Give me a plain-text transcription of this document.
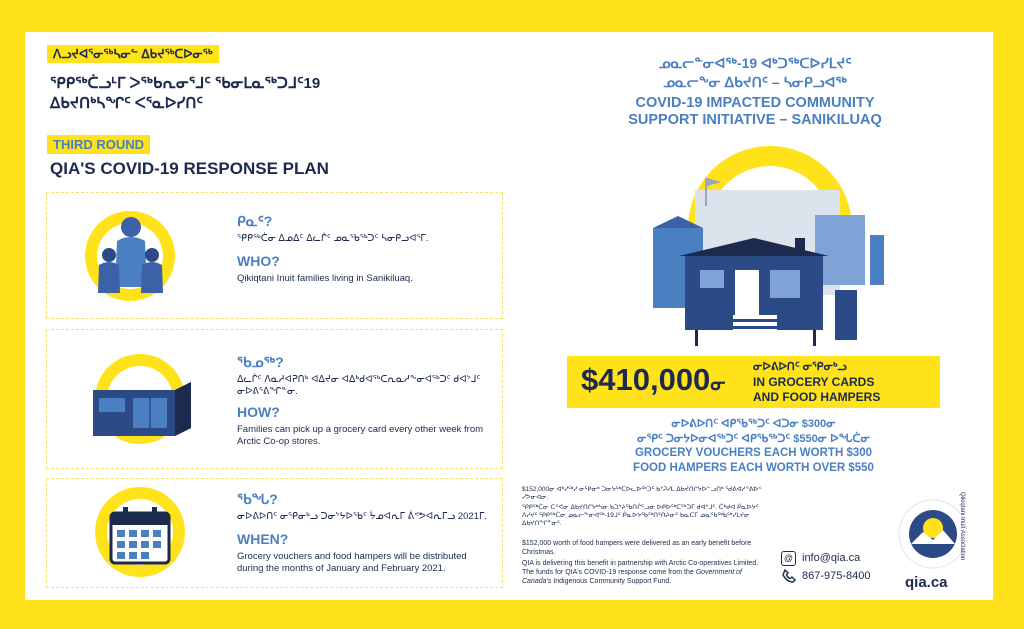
ᐱᓗᔪᐊᕐᓂᖅᓴᓂᓪ ᐃᑲᔪᖅᑕᐅᓂᖅ
ᕿᑭᖅᑖᓗᒻᒥ ᐳᖅᑲᕆᓂᕐᒧᑦ ᖃᓂᒪᓇᖅᑐᒧᑦ19
ᐃᑲᔪᑎᒃᓴᖏᑦ ᐸᕐᓇᐅᓯᑎᑦ
THIRD ROUND
QIA'S COVID-19 RESPONSE PLAN
ᑭᓇᑦ?
ᕿᑭᖅᑖᓂ ᐃᓄᐃᑦ ᐃᓚᒌᑦ ᓄᓇᖃᖅᑐᑦ ᓴᓂᑭᓗᐊᕐᒥ.
WHO?
Qikiqtani Inuit families living in Sanikiluaq.
ᖃᓄᖅ?
ᐃᓚᒌᑦ ᐱᓇᓱᐊᕈᑎᒃ ᐊᐃᔪᓂ ᐊᐃᒃᑯᐊᖅᑕᕆᓇᓱᖕᓂᐊᖅᑐᑦ ᑯᐊᔾᒧᑦ ᓂᐅᕕᕐᕕᖏᓐᓂ.
HOW?
Families can pick up a grocery card every other week from Arctic Co-op stores.
ᖃᖓ?
ᓂᐅᕕᐅᑎᑦ ᓂᕿᓂᒃᓗ ᑐᓂᔾᔭᐅᖃᑦ ᔮᓄᐊᕆᒥ ᕖᕝᕗᐊᕆᒥᓗ 2021ᒥ.
WHEN?
Grocery vouchers and food hampers will be distributed during the months of January and February 2021.
ᓄᓇᓕᓐᓂᐊᕐᒃ-19 ᐊᒃᑐᖅᑕᐅᓯᒪᔪᑦ
ᓄᓇᓕᖕᓂ ᐃᑲᔪᑎᑦ – ᓴᓂᑭᓗᐊᖅ
COVID-19 IMPACTED COMMUNITY
SUPPORT INITIATIVE – SANIKILUAQ
$410,000ᓂ
ᓂᐅᕕᐅᑎᑦ ᓂᕿᓂᒃᓗ
IN GROCERY CARDS
AND FOOD HAMPERS
ᓂᐅᕕᐅᑎᑦ ᐊᑭᖃᖅᑐᑦ ᐊᑐᓂ $300ᓂ
ᓂᕿᑦ ᑐᓂᔭᐅᓂᐊᖅᑐᑦ ᐊᑭᖃᖅᑐᑦ $550ᓂ ᐅᖓᑖᓂ
GROCERY VOUCHERS EACH WORTH $300
FOOD HAMPERS EACH WORTH OVER $550
$152,000ᓂ ᐊᒃᓯᖅᓯ ᓂᕿᓂᒃ ᑐᓂᔭᖅᑕᐅᓚᐅᖅᑐᑦ ᑲᔾᕈᓯᒪ ᐃᑲᔫᑎᒋᔭᐅᓪᓗᑎᒃ ᖁᕕᐊᓱᕝᕕᐅᑉ ᓯᕗᓂᐊᓂ.
ᕿᑭᖅᑖᓂ ᑕᕝᕙᓂ ᐃᑲᔪᑎᒋᔭᒃᓴᓂ ᑲᑐᔾᔨᖃᑎᒌᑦᓗᓂ ᐅᑭᐅᖅᑕᖅᑐᒥ ᑯᐊᔾᒧᑦ. ᑖᒃᑯᐊ ᑮᓇᐅᔭᑦ ᐱᓯᔪᑦ ᕿᑭᖅᑖᓂ ᓄᓇᓕᖕᓂᐊᕐᒃ-19ᒧᑦ ᑮᓇᐅᔭᖃᖅᑎᑦᑎᔨᓂᑦ ᑲᓇᑕᒥ ᓄᓇᖃᖅᑳᖅᓯᒪᔪᓂ ᐃᑲᔪᑎᖏᓐᓂᑦ.
$152,000 worth of food hampers were delivered as an early benefit before Christmas.
QIA is delivering this benefit in partnership with Arctic Co-operatives Limited. The funds for QIA's COVID-19 response come from the Government of Canada's Indigenous Community Support Fund.
@ info@qia.ca
867-975-8400
Qikiqtani Inuit Association
qia.ca
